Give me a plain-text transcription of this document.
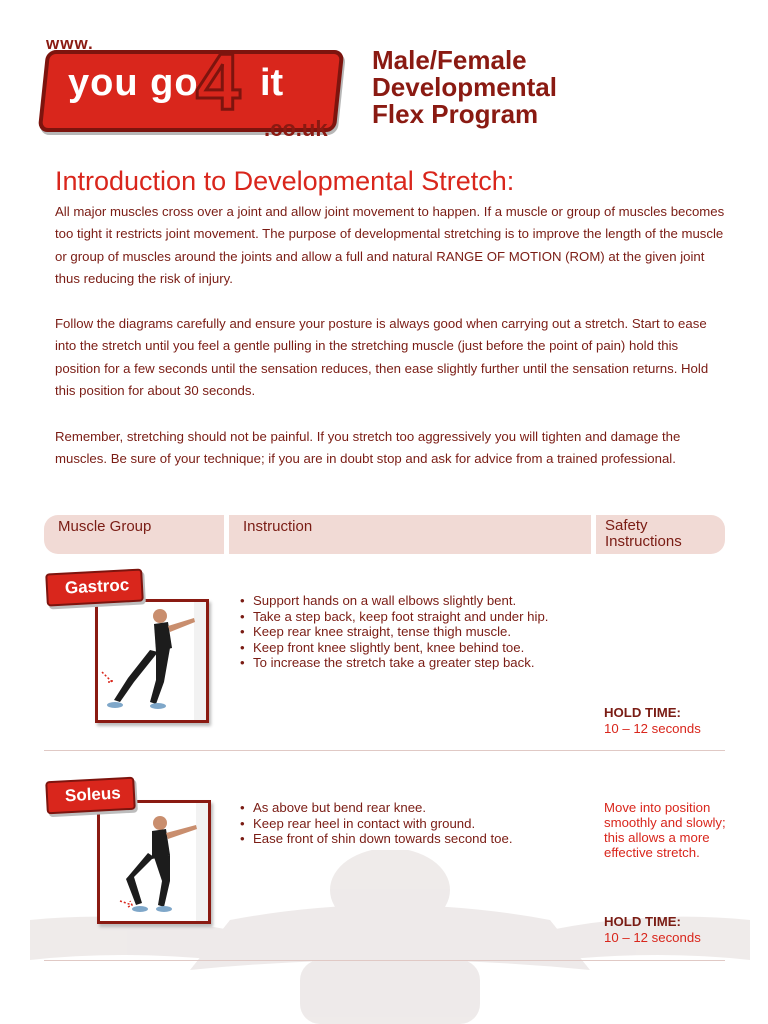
www.
you go
4 it
.co.uk
Male/Female
Developmental
Flex Program
Introduction to Developmental Stretch:
All major muscles cross over a joint and allow joint movement to happen. If a muscle or group of muscles becomes too tight it restricts joint movement. The purpose of developmental stretching is to improve the length of the muscle or group of muscles around the joints and allow a full and natural RANGE OF MOTION (ROM) at the given joint thus reducing the risk of injury.
Follow the diagrams carefully and ensure your posture is always good when carrying out a stretch. Start to ease into the stretch until you feel a gentle pulling in the stretching muscle (just before the point of pain) hold this position for a few seconds until the sensation reduces, then ease slightly further until the sensation returns. Hold this position for about 30 seconds.
Remember, stretching should not be painful. If you stretch too aggressively you will tighten and damage the muscles. Be sure of your technique; if you are in doubt stop and ask for advice from a trained professional.
Muscle Group	Instruction	Safety Instructions
Gastroc
• Support hands on a wall elbows slightly bent.
• Take a step back, keep foot straight and under hip.
• Keep rear knee straight, tense thigh muscle.
• Keep front knee slightly bent, knee behind toe.
• To increase the stretch take a greater step back.
HOLD TIME:
10 – 12 seconds
Soleus
• As above but bend rear knee.
• Keep rear heel in contact with ground.
• Ease front of shin down towards second toe.
Move into position smoothly and slowly; this allows a more effective stretch.
HOLD TIME:
10 – 12 seconds
